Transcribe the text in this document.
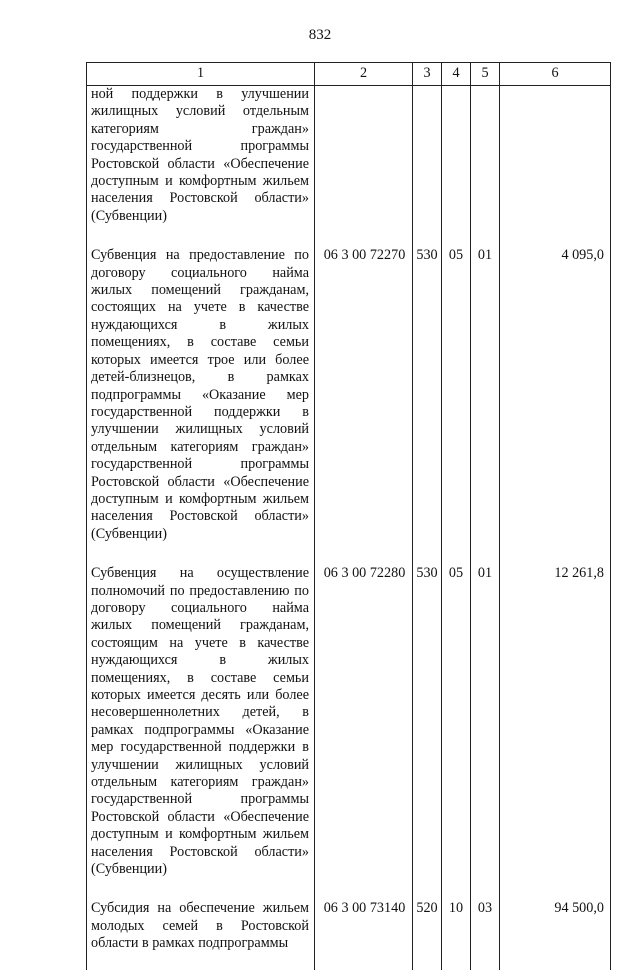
832
1	2	3	4	5	6
ной поддержки в улучшении жилищных условий отдельным категориям граждан» государственной программы Ростовской области «Обеспечение доступным и комфортным жильем населения Ростовской области» (Субвенции)					
Субвенция на предоставление по договору социального найма жилых помещений гражданам, состоящих на учете в качестве нуждающихся в жилых помещениях, в составе семьи которых имеется трое или более детей-близнецов, в рамках подпрограммы «Оказание мер государственной поддержки в улучшении жилищных условий отдельным категориям граждан» государственной программы Ростовской области «Обеспечение доступным и комфортным жильем населения Ростовской области» (Субвенции)	06 3 00 72270	530	05	01	4 095,0
Субвенция на осуществление полномочий по предоставлению по договору социального найма жилых помещений гражданам, состоящим на учете в качестве нуждающихся в жилых помещениях, в составе семьи которых имеется десять или более несовершеннолетних детей, в рамках подпрограммы «Оказание мер государственной поддержки в улучшении жилищных условий отдельным категориям граждан» государственной программы Ростовской области «Обеспечение доступным и комфортным жильем населения Ростовской области» (Субвенции)	06 3 00 72280	530	05	01	12 261,8
Субсидия на обеспечение жильем молодых семей в Ростовской области в рамках подпрограммы	06 3 00 73140	520	10	03	94 500,0
